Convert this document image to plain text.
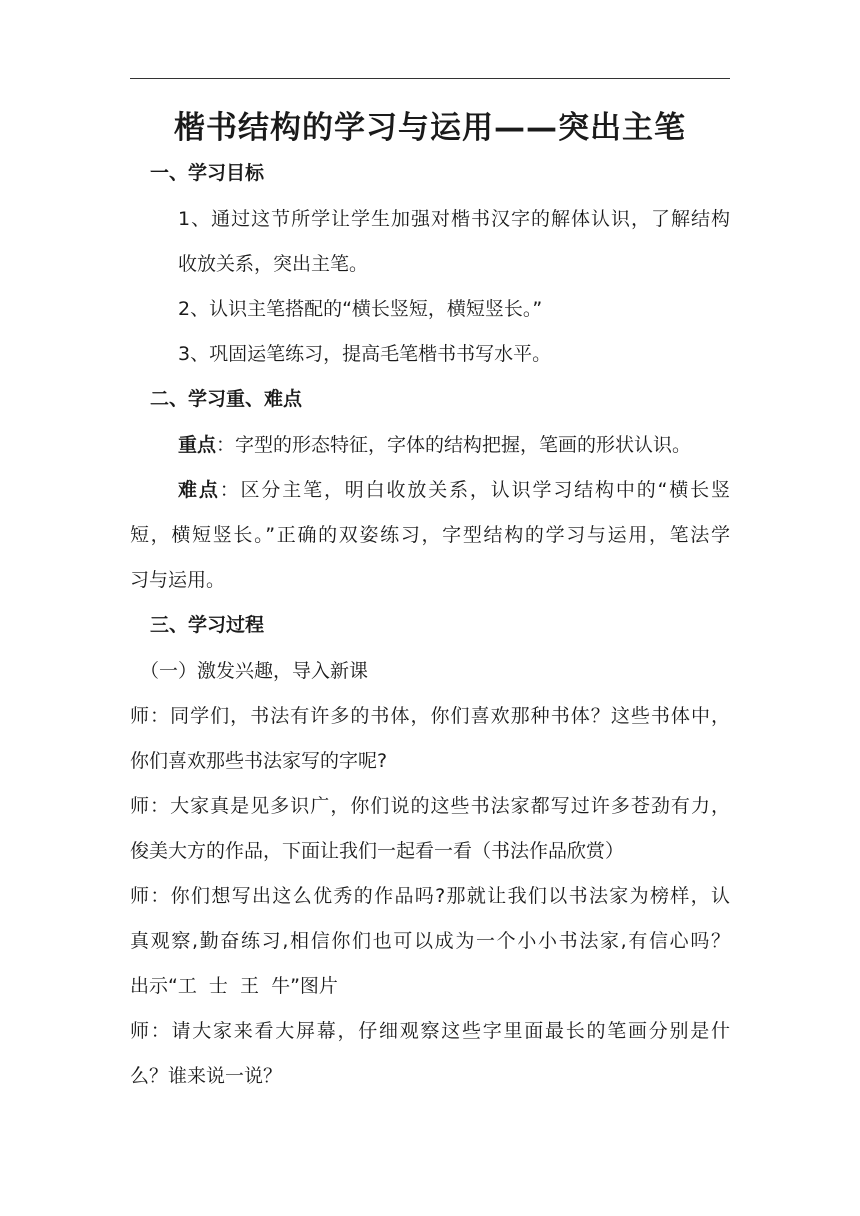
楷书结构的学习与运用——突出主笔
一、学习目标
1、通过这节所学让学生加强对楷书汉字的解体认识，了解结构
收放关系，突出主笔。
2、认识主笔搭配的“横长竖短，横短竖长。”
3、巩固运笔练习，提高毛笔楷书书写水平。
二、学习重、难点
重点：字型的形态特征，字体的结构把握，笔画的形状认识。
难点：区分主笔，明白收放关系，认识学习结构中的“横长竖
短，横短竖长。”正确的双姿练习，字型结构的学习与运用，笔法学
习与运用。
三、学习过程
（一）激发兴趣，导入新课
师：同学们，书法有许多的书体，你们喜欢那种书体？这些书体中，
你们喜欢那些书法家写的字呢?
师：大家真是见多识广，你们说的这些书法家都写过许多苍劲有力，
俊美大方的作品，下面让我们一起看一看（书法作品欣赏）
师：你们想写出这么优秀的作品吗?那就让我们以书法家为榜样，认
真观察,勤奋练习,相信你们也可以成为一个小小书法家,有信心吗？
出示“工  士  王  牛”图片
师：请大家来看大屏幕，仔细观察这些字里面最长的笔画分别是什
么？谁来说一说？
